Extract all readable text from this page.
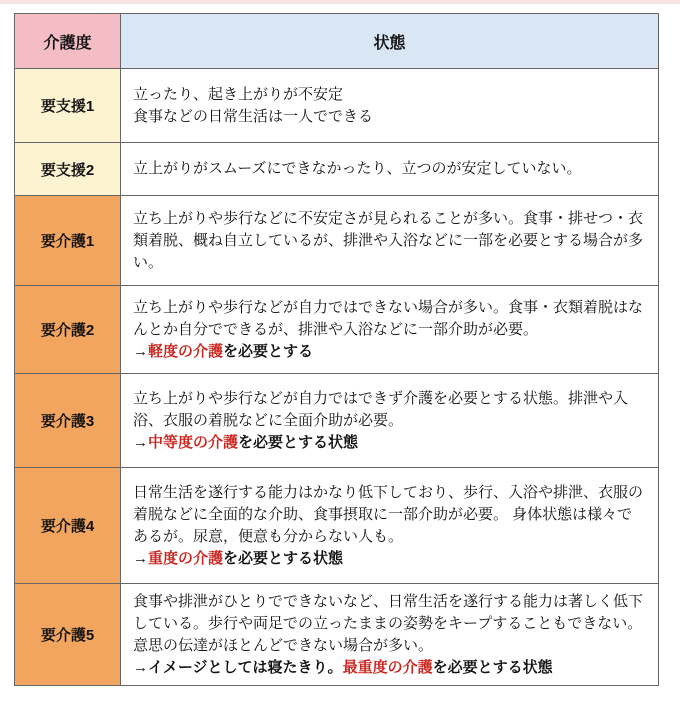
介護度	状態
要支援1	立ったり、起き上がりが不安定
食事などの日常生活は一人でできる

要支援2	立上がりがスムーズにできなかったり、立つのが安定していない。

要介護1	立ち上がりや歩行などに不安定さが見られることが多い。食事・排せつ・衣類着脱、概ね自立しているが、排泄や入浴などに一部を必要とする場合が多い。

要介護2	立ち上がりや歩行などが自力ではできない場合が多い。食事・衣類着脱はなんとか自分でできるが、排泄や入浴などに一部介助が必要。
→軽度の介護を必要とする

要介護3	立ち上がりや歩行などが自力ではできず介護を必要とする状態。排泄や入浴、衣服の着脱などに全面介助が必要。
→中等度の介護を必要とする状態

要介護4	日常生活を遂行する能力はかなり低下しており、歩行、入浴や排泄、衣服の着脱などに全面的な介助、食事摂取に一部介助が必要。 身体状態は様々であるが。尿意，便意も分からない人も。
→重度の介護を必要とする状態

要介護5	食事や排泄がひとりでできないなど、日常生活を遂行する能力は著しく低下している。歩行や両足での立ったままの姿勢をキープすることもできない。意思の伝達がほとんどできない場合が多い。
→イメージとしては寝たきり。最重度の介護を必要とする状態
